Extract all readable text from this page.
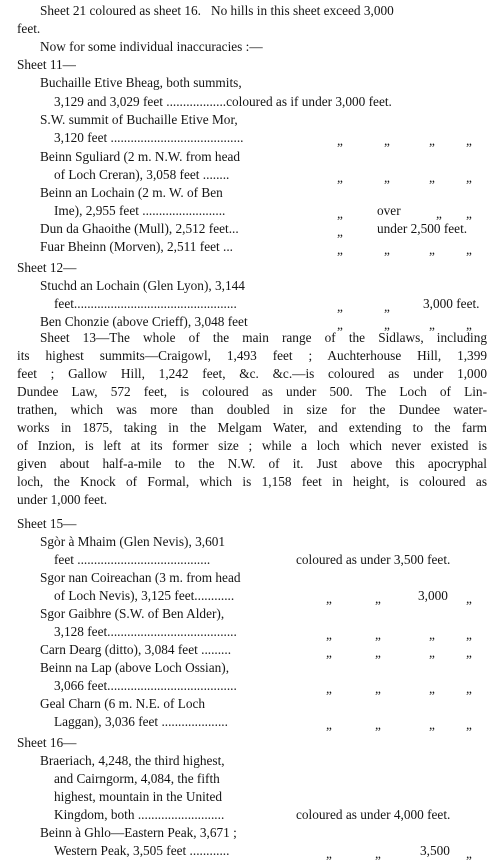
Sheet 21 coloured as sheet 16.   No hills in this sheet exceed 3,000
feet.
Now for some individual inaccuracies :—
Sheet 11—
Buchaille Etive Bheag, both summits,
3,129 and 3,029 feet ..................coloured as if under 3,000 feet.
S.W. summit of Buchaille Etive Mor,
3,120 feet ........................................	„	„	„	„
Beinn Sguliard (2 m. N.W. from head
of Loch Creran), 3,058 feet ........	„	„	„	„
Beinn an Lochain (2 m. W. of Ben
Ime), 2,955 feet .........................	„	over	„	„
Dun da Ghaoithe (Mull), 2,512 feet...	„	under 2,500 feet.
Fuar Bheinn (Morven), 2,511 feet ...	„	„	„	„
Sheet 12—
Stuchd an Lochain (Glen Lyon), 3,144
feet.................................................	„	„	3,000 feet.
Ben Chonzie (above Crieff), 3,048 feet	„	„	„	„
Sheet 13—The whole of the main range of the Sidlaws, including
its highest summits—Craigowl, 1,493 feet ; Auchterhouse Hill, 1,399
feet ; Gallow Hill, 1,242 feet, &c. &c.—is coloured as under 1,000
Dundee Law, 572 feet, is coloured as under 500. The Loch of Lin-
trathen, which was more than doubled in size for the Dundee water-
works in 1875, taking in the Melgam Water, and extending to the farm
of Inzion, is left at its former size ; while a loch which never existed is
given about half-a-mile to the N.W. of it. Just above this apocryphal
loch, the Knock of Formal, which is 1,158 feet in height, is coloured as
under 1,000 feet.
Sheet 15—
Sgòr à Mhaim (Glen Nevis), 3,601
feet ........................................	coloured as under 3,500 feet.
Sgor nan Coireachan (3 m. from head
of Loch Nevis), 3,125 feet............	„	„	3,000	„
Sgor Gaibhre (S.W. of Ben Alder),
3,128 feet.......................................	„	„	„	„
Carn Dearg (ditto), 3,084 feet .........	„	„	„	„
Beinn na Lap (above Loch Ossian),
3,066 feet.......................................	„	„	„	„
Geal Charn (6 m. N.E. of Loch
Laggan), 3,036 feet ....................	„	„	„	„
Sheet 16—
Braeriach, 4,248, the third highest,
and Cairngorm, 4,084, the fifth
highest, mountain in the United
Kingdom, both ..........................	coloured as under 4,000 feet.
Beinn à Ghlo—Eastern Peak, 3,671 ;
Western Peak, 3,505 feet ............	„	„	3,500	„
